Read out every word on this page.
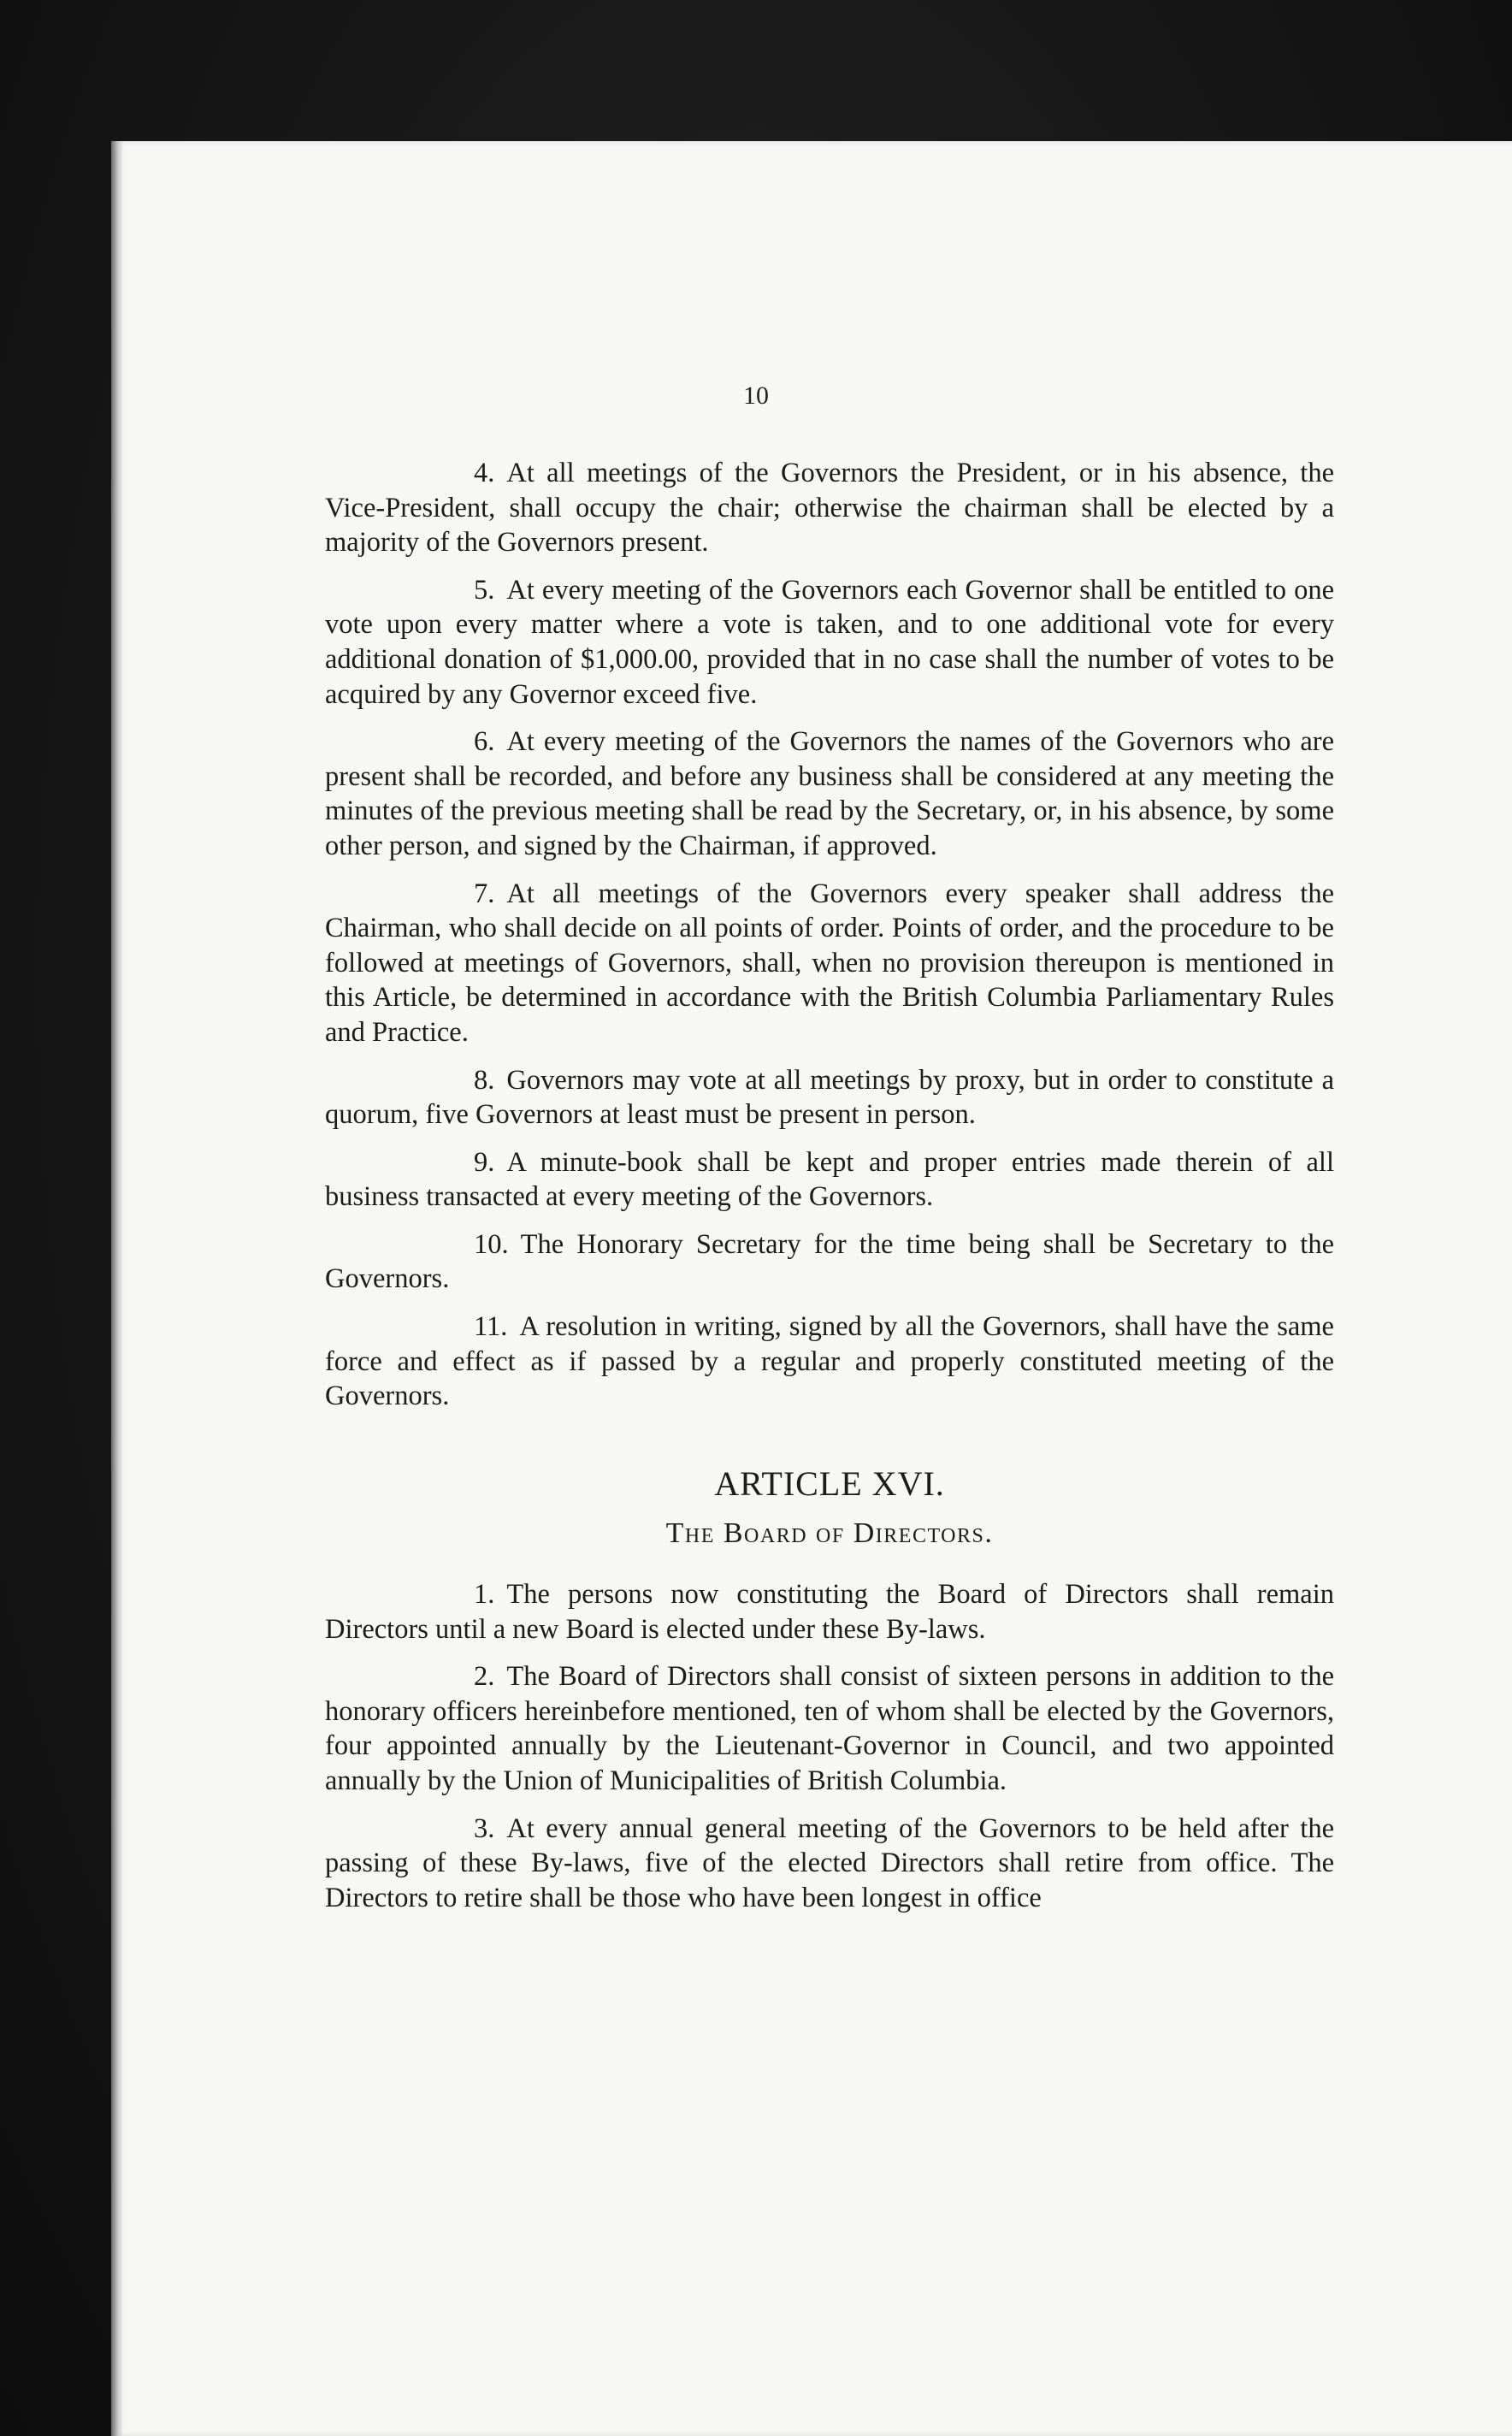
10

4. At all meetings of the Governors the President, or in his absence, the Vice-President, shall occupy the chair; otherwise the chairman shall be elected by a majority of the Governors present.

5. At every meeting of the Governors each Governor shall be entitled to one vote upon every matter where a vote is taken, and to one additional vote for every additional donation of $1,000.00, provided that in no case shall the number of votes to be acquired by any Governor exceed five.

6. At every meeting of the Governors the names of the Governors who are present shall be recorded, and before any business shall be considered at any meeting the minutes of the previous meeting shall be read by the Secretary, or, in his absence, by some other person, and signed by the Chairman, if approved.

7. At all meetings of the Governors every speaker shall address the Chairman, who shall decide on all points of order. Points of order, and the procedure to be followed at meetings of Governors, shall, when no provision thereupon is mentioned in this Article, be determined in accordance with the British Columbia Parliamentary Rules and Practice.

8. Governors may vote at all meetings by proxy, but in order to constitute a quorum, five Governors at least must be present in person.

9. A minute-book shall be kept and proper entries made therein of all business transacted at every meeting of the Governors.

10. The Honorary Secretary for the time being shall be Secretary to the Governors.

11. A resolution in writing, signed by all the Governors, shall have the same force and effect as if passed by a regular and properly constituted meeting of the Governors.

ARTICLE XVI.
The Board of Directors.

1. The persons now constituting the Board of Directors shall remain Directors until a new Board is elected under these By-laws.

2. The Board of Directors shall consist of sixteen persons in addition to the honorary officers hereinbefore mentioned, ten of whom shall be elected by the Governors, four appointed annually by the Lieutenant-Governor in Council, and two appointed annually by the Union of Municipalities of British Columbia.

3. At every annual general meeting of the Governors to be held after the passing of these By-laws, five of the elected Directors shall retire from office. The Directors to retire shall be those who have been longest in office
